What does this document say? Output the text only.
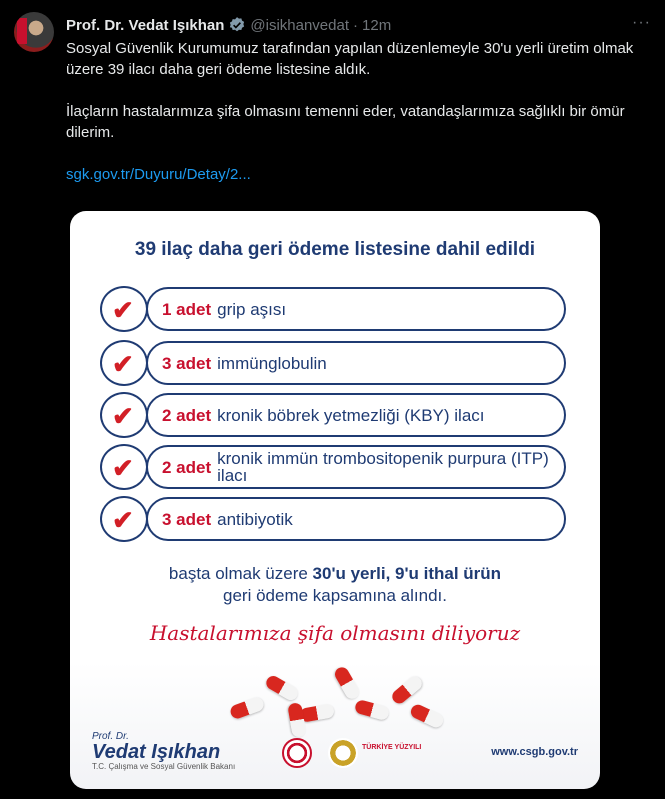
Prof. Dr. Vedat Işıkhan @isikhanvedat · 12m	···

Sosyal Güvenlik Kurumumuz tarafından yapılan düzenlemeyle 30'u yerli üretim olmak üzere 39 ilacı daha geri ödeme listesine aldık.

İlaçların hastalarımıza şifa olmasını temenni eder, vatandaşlarımıza sağlıklı bir ömür dilerim.

sgk.gov.tr/Duyuru/Detay/2...

39 ilaç daha geri ödeme listesine dahil edildi
✔ 1 adet grip aşısı
✔ 3 adet immünglobulin
✔ 2 adet kronik böbrek yetmezliği (KBY) ilacı
✔ 2 adet kronik immün trombositopenik purpura (ITP) ilacı
✔ 3 adet antibiyotik
başta olmak üzere 30'u yerli, 9'u ithal ürün
geri ödeme kapsamına alındı.
Hastalarımıza şifa olmasını diliyoruz
Prof. Dr.
Vedat Işıkhan
T.C. Çalışma ve Sosyal Güvenlik Bakanı
TÜRKİYE YÜZYILI	www.csgb.gov.tr
